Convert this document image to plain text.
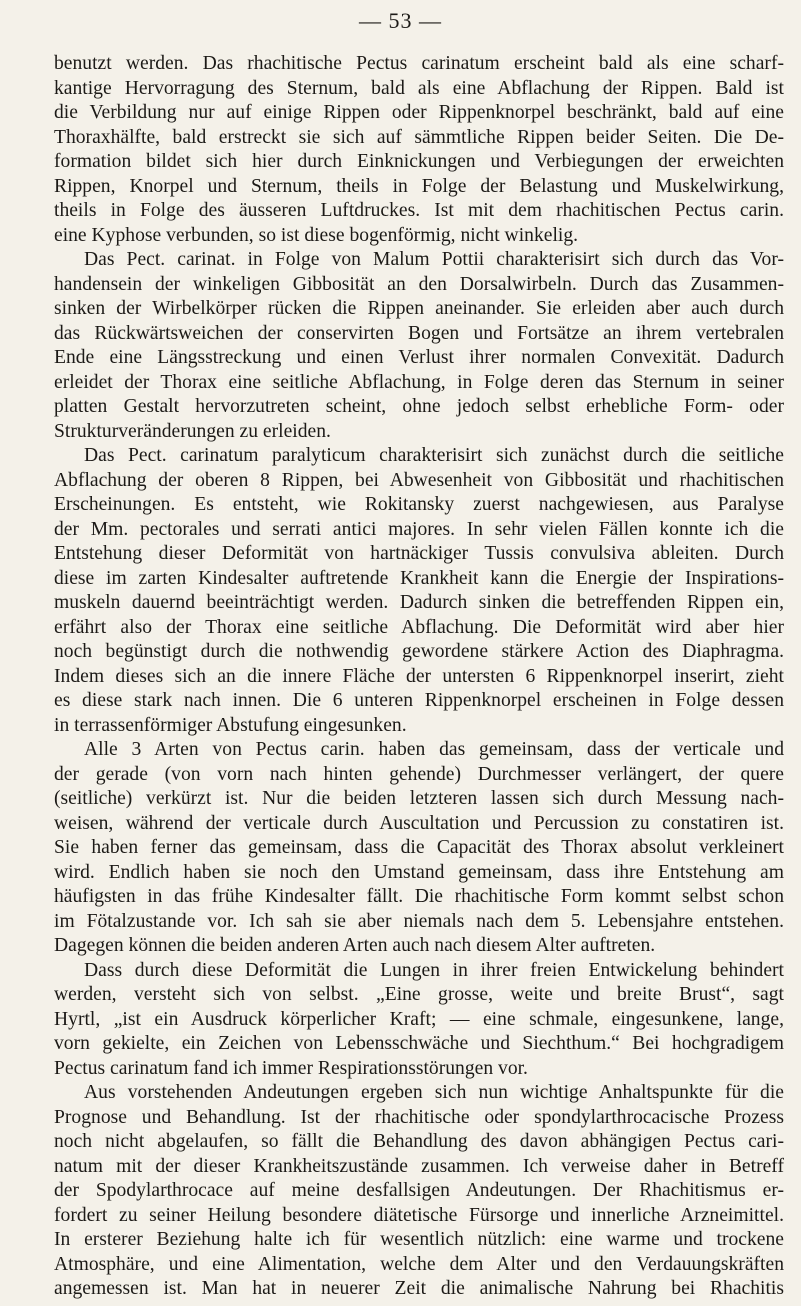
— 53 —
benutzt werden. Das rhachitische Pectus carinatum erscheint bald als eine scharf-
kantige Hervorragung des Sternum, bald als eine Abflachung der Rippen. Bald ist
die Verbildung nur auf einige Rippen oder Rippenknorpel beschränkt, bald auf eine
Thoraxhälfte, bald erstreckt sie sich auf sämmtliche Rippen beider Seiten. Die De-
formation bildet sich hier durch Einknickungen und Verbiegungen der erweichten
Rippen, Knorpel und Sternum, theils in Folge der Belastung und Muskelwirkung,
theils in Folge des äusseren Luftdruckes. Ist mit dem rhachitischen Pectus carin.
eine Kyphose verbunden, so ist diese bogenförmig, nicht winkelig.
Das Pect. carinat. in Folge von Malum Pottii charakterisirt sich durch das Vor-
handensein der winkeligen Gibbosität an den Dorsalwirbeln. Durch das Zusammen-
sinken der Wirbelkörper rücken die Rippen aneinander. Sie erleiden aber auch durch
das Rückwärtsweichen der conservirten Bogen und Fortsätze an ihrem vertebralen
Ende eine Längsstreckung und einen Verlust ihrer normalen Convexität. Dadurch
erleidet der Thorax eine seitliche Abflachung, in Folge deren das Sternum in seiner
platten Gestalt hervorzutreten scheint, ohne jedoch selbst erhebliche Form- oder
Strukturveränderungen zu erleiden.
Das Pect. carinatum paralyticum charakterisirt sich zunächst durch die seitliche
Abflachung der oberen 8 Rippen, bei Abwesenheit von Gibbosität und rhachitischen
Erscheinungen. Es entsteht, wie Rokitansky zuerst nachgewiesen, aus Paralyse
der Mm. pectorales und serrati antici majores. In sehr vielen Fällen konnte ich die
Entstehung dieser Deformität von hartnäckiger Tussis convulsiva ableiten. Durch
diese im zarten Kindesalter auftretende Krankheit kann die Energie der Inspirations-
muskeln dauernd beeinträchtigt werden. Dadurch sinken die betreffenden Rippen ein,
erfährt also der Thorax eine seitliche Abflachung. Die Deformität wird aber hier
noch begünstigt durch die nothwendig gewordene stärkere Action des Diaphragma.
Indem dieses sich an die innere Fläche der untersten 6 Rippenknorpel inserirt, zieht
es diese stark nach innen. Die 6 unteren Rippenknorpel erscheinen in Folge dessen
in terrassenförmiger Abstufung eingesunken.
Alle 3 Arten von Pectus carin. haben das gemeinsam, dass der verticale und
der gerade (von vorn nach hinten gehende) Durchmesser verlängert, der quere
(seitliche) verkürzt ist. Nur die beiden letzteren lassen sich durch Messung nach-
weisen, während der verticale durch Auscultation und Percussion zu constatiren ist.
Sie haben ferner das gemeinsam, dass die Capacität des Thorax absolut verkleinert
wird. Endlich haben sie noch den Umstand gemeinsam, dass ihre Entstehung am
häufigsten in das frühe Kindesalter fällt. Die rhachitische Form kommt selbst schon
im Fötalzustande vor. Ich sah sie aber niemals nach dem 5. Lebensjahre entstehen.
Dagegen können die beiden anderen Arten auch nach diesem Alter auftreten.
Dass durch diese Deformität die Lungen in ihrer freien Entwickelung behindert
werden, versteht sich von selbst. „Eine grosse, weite und breite Brust“, sagt
Hyrtl, „ist ein Ausdruck körperlicher Kraft; — eine schmale, eingesunkene, lange,
vorn gekielte, ein Zeichen von Lebensschwäche und Siechthum.“ Bei hochgradigem
Pectus carinatum fand ich immer Respirationsstörungen vor.
Aus vorstehenden Andeutungen ergeben sich nun wichtige Anhaltspunkte für die
Prognose und Behandlung. Ist der rhachitische oder spondylarthrocacische Prozess
noch nicht abgelaufen, so fällt die Behandlung des davon abhängigen Pectus cari-
natum mit der dieser Krankheitszustände zusammen. Ich verweise daher in Betreff
der Spodylarthrocace auf meine desfallsigen Andeutungen. Der Rhachitismus er-
fordert zu seiner Heilung besondere diätetische Fürsorge und innerliche Arzneimittel.
In ersterer Beziehung halte ich für wesentlich nützlich: eine warme und trockene
Atmosphäre, und eine Alimentation, welche dem Alter und den Verdauungskräften
angemessen ist. Man hat in neuerer Zeit die animalische Nahrung bei Rhachitis
